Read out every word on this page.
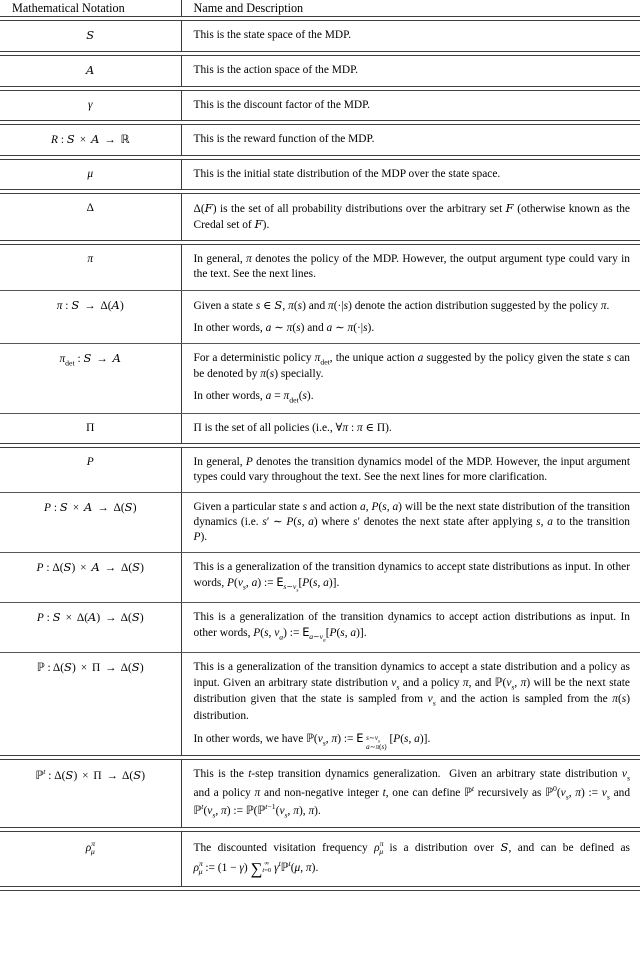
Mathematical Notation	Name and Description

S	This is the state space of the MDP.

A	This is the action space of the MDP.

γ	This is the discount factor of the MDP.

R : S × A → ℝ	This is the reward function of the MDP.

μ	This is the initial state distribution of the MDP over the state space.

Δ	Δ(F) is the set of all probability distributions over the arbitrary set F (otherwise known as the Credal set of F).

π	In general, π denotes the policy of the MDP. However, the output argument type could vary in the text. See the next lines.

π : S → Δ(A)	Given a state s ∈ S, π(s) and π(·|s) denote the action distribution suggested by the policy π.

In other words, a ∼ π(s) and a ∼ π(·|s).

$\pi_{det}$ : S → A	For a deterministic policy $\pi_{det}$, the unique action a suggested by the policy given the state s can be denoted by π(s) specially.

In other words, $a = \pi_{det}(s)$.

Π	Π is the set of all policies (i.e., ∀π : π ∈ Π).

P	In general, P denotes the transition dynamics model of the MDP. However, the input argument types could vary throughout the text. See the next lines for more clarification.

P : S × A → Δ(S)	Given a particular state s and action a, P(s, a) will be the next state distribution of the transition dynamics (i.e. s′ ∼ P(s, a) where s′ denotes the next state after applying s, a to the transition P).

P : Δ(S) × A → Δ(S)	This is a generalization of the transition dynamics to accept state distributions as input. In other words, $P(\nu_s$, a) := $E_{s\sim\nu_s}[P(s$, a)].

P : S × Δ(A) → Δ(S)	This is a generalization of the transition dynamics to accept action distributions as input. In other words, P(s, $\nu_a$) := $E_{a\sim\nu_a}[P(s$, a)].

ℙ : Δ(S) × Π → Δ(S)	This is a generalization of the transition dynamics to accept a state distribution and a policy as input. Given an arbitrary state distribution $\nu_s$ and a policy π, and $ℙ(\nu_s$, π) will be the next state distribution given that the state is sampled from $\nu_s$ and the action is sampled from the π(s) distribution.

In other words, we have $ℙ(\nu_s$, π) := E $s\sim\nu_s$
a∼π(s) [P(s, a)].

ℙ$^t$ : Δ(S) × Π → Δ(S)	This is the t-step transition dynamics generalization.  Given an arbitrary state distribution $\nu_s$ and a policy π and non-negative integer t, one can define ℙ$^t$ recursively as $ℙ^0(\nu_s$, π) := $\nu_s$ and $ℙ^t(\nu_s$, π) := $ℙ(ℙ^{t-1}(\nu_s$, π), π).

$\rho^\pi_\mu$	The discounted visitation frequency $\rho^\pi_\mu$ is a distribution over S, and can be defined as $\rho^\pi_\mu$ := (1 − γ) ∑ ∞
t=0 $\gamma^tℙ^t(\mu$, π).
